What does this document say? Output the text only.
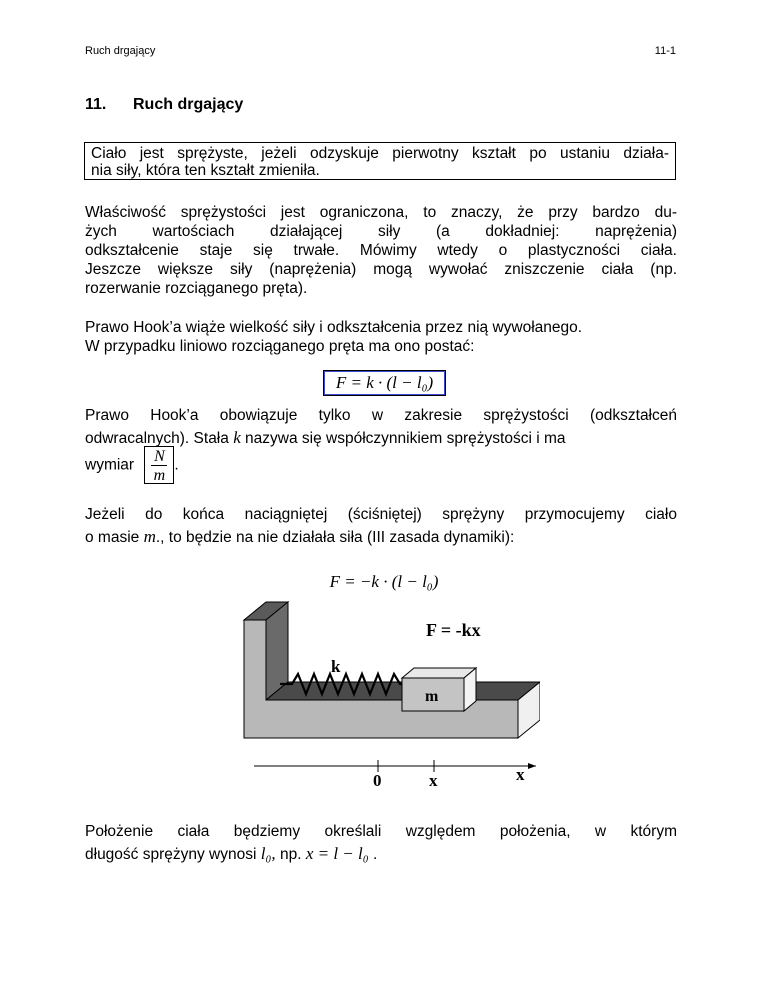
Ruch drgający	11-1
11. Ruch drgający
Ciało jest sprężyste, jeżeli odzyskuje pierwotny kształt po ustaniu działa-
nia siły, która ten kształt zmieniła.
Właściwość sprężystości jest ograniczona, to znaczy, że przy bardzo du-
żych wartościach działającej siły (a dokładniej: naprężenia)
odkształcenie staje się trwałe. Mówimy wtedy o plastyczności ciała.
Jeszcze większe siły (naprężenia) mogą wywołać zniszczenie ciała (np.
rozerwanie rozciąganego pręta).
Prawo Hook’a wiąże wielkość siły i odkształcenia przez nią wywołanego.
W przypadku liniowo rozciąganego pręta ma ono postać:
F = k · (l − l₀)
Prawo Hook’a obowiązuje tylko w zakresie sprężystości (odkształceń
odwracalnych). Stała k nazywa się współczynnikiem sprężystości i ma
wymiar $\frac{N}{m}$ .
Jeżeli do końca naciągniętej (ściśniętej) sprężyny przymocujemy ciało
o masie m., to będzie na nie działała siła (III zasada dynamiki):
F = −k · (l − l₀)
F = -kx
k
m
0	x	x
Położenie ciała będziemy określali względem położenia, w którym
długość sprężyny wynosi l₀, np. x = l − l₀ .
